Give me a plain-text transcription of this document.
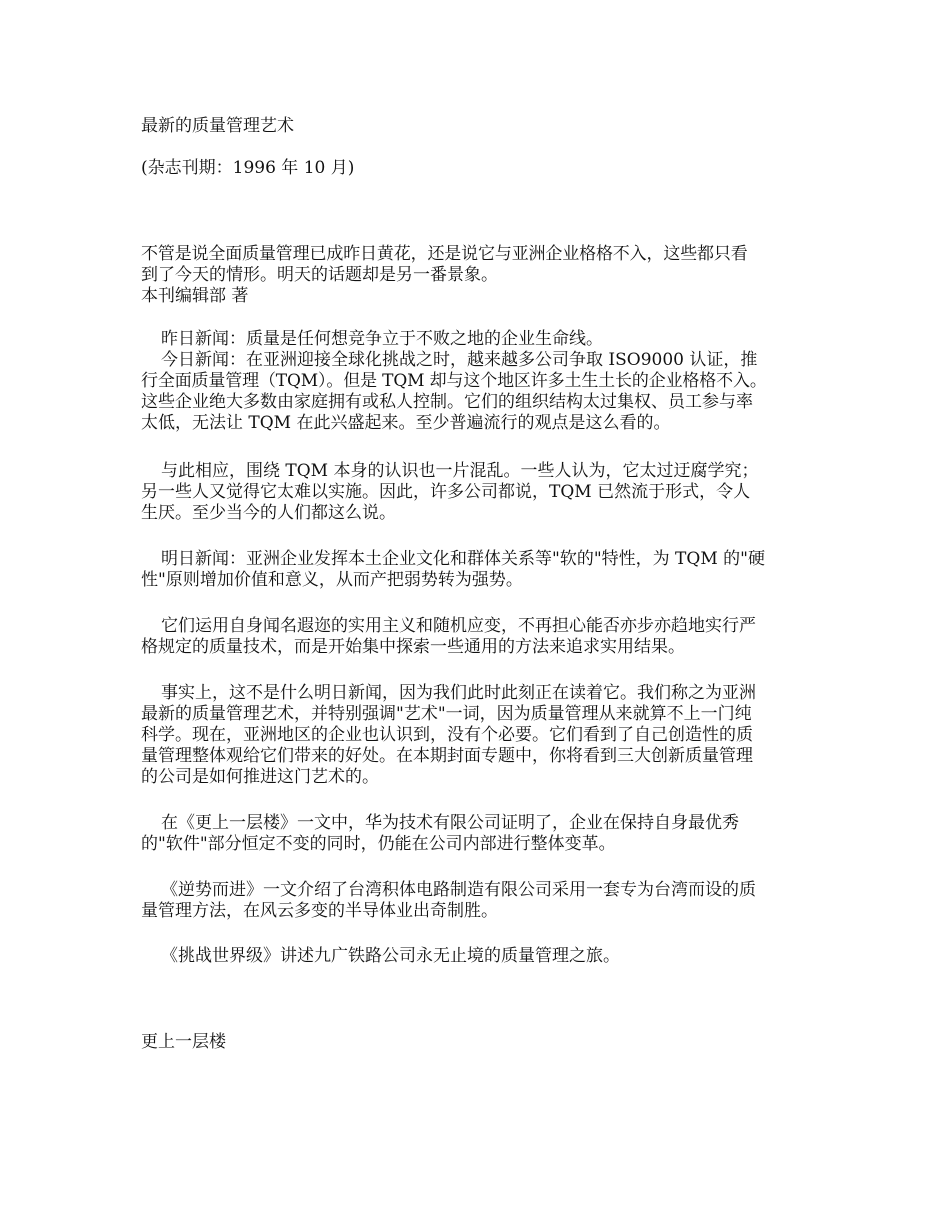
最新的质量管理艺术

(杂志刊期：1996 年 10 月)

不管是说全面质量管理已成昨日黄花，还是说它与亚洲企业格格不入，这些都只看

到了今天的情形。明天的话题却是另一番景象。

本刊编辑部 著

昨日新闻：质量是任何想竞争立于不败之地的企业生命线。

今日新闻：在亚洲迎接全球化挑战之时，越来越多公司争取 ISO9000 认证，推

行全面质量管理（TQM）。但是 TQM 却与这个地区许多土生土长的企业格格不入。

这些企业绝大多数由家庭拥有或私人控制。它们的组织结构太过集权、员工参与率

太低，无法让 TQM 在此兴盛起来。至少普遍流行的观点是这么看的。

与此相应，围绕 TQM 本身的认识也一片混乱。一些人认为，它太过迂腐学究；

另一些人又觉得它太难以实施。因此，许多公司都说，TQM 已然流于形式，令人

生厌。至少当今的人们都这么说。

明日新闻：亚洲企业发挥本土企业文化和群体关系等"软的"特性，为 TQM 的"硬

性"原则增加价值和意义，从而产把弱势转为强势。

它们运用自身闻名遐迩的实用主义和随机应变，不再担心能否亦步亦趋地实行严

格规定的质量技术，而是开始集中探索一些通用的方法来追求实用结果。

事实上，这不是什么明日新闻，因为我们此时此刻正在读着它。我们称之为亚洲

最新的质量管理艺术，并特别强调"艺术"一词，因为质量管理从来就算不上一门纯

科学。现在，亚洲地区的企业也认识到，没有个必要。它们看到了自己创造性的质

量管理整体观给它们带来的好处。在本期封面专题中，你将看到三大创新质量管理

的公司是如何推进这门艺术的。

在《更上一层楼》一文中，华为技术有限公司证明了，企业在保持自身最优秀

的"软件"部分恒定不变的同时，仍能在公司内部进行整体变革。

《逆势而进》一文介绍了台湾积体电路制造有限公司采用一套专为台湾而设的质

量管理方法，在风云多变的半导体业出奇制胜。

《挑战世界级》讲述九广铁路公司永无止境的质量管理之旅。

更上一层楼
